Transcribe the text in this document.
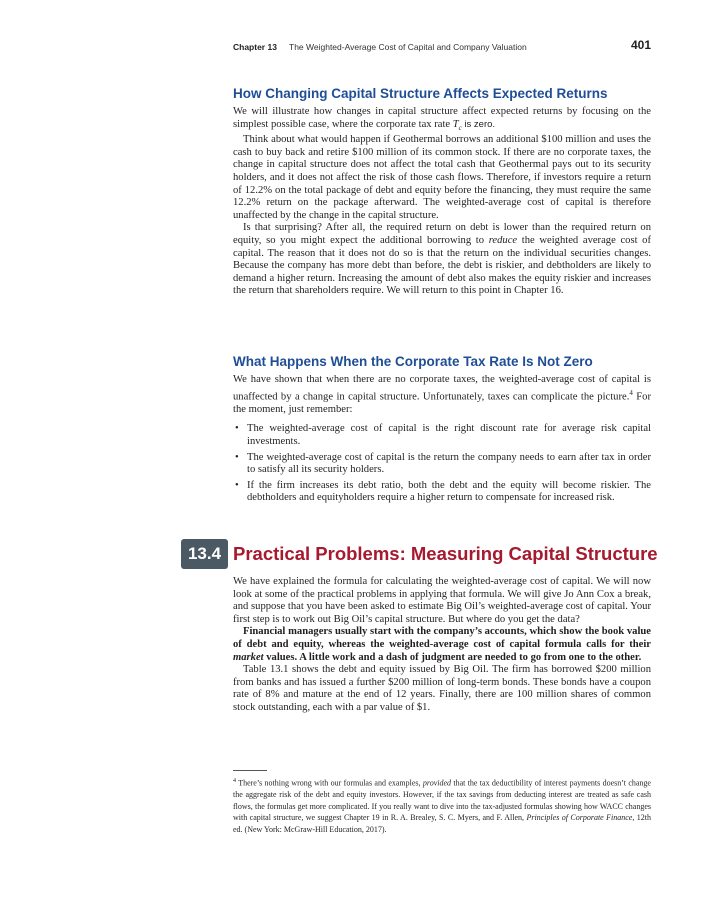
Chapter 13 The Weighted-Average Cost of Capital and Company Valuation	401
How Changing Capital Structure Affects Expected Returns

We will illustrate how changes in capital structure affect expected returns by focusing on the simplest possible case, where the corporate tax rate $T_c$ is zero.

Think about what would happen if Geothermal borrows an additional $100 million and uses the cash to buy back and retire $100 million of its common stock. If there are no corporate taxes, the change in capital structure does not affect the total cash that Geothermal pays out to its security holders, and it does not affect the risk of those cash flows. Therefore, if investors require a return of 12.2% on the total package of debt and equity before the financing, they must require the same 12.2% return on the package afterward. The weighted-average cost of capital is therefore unaffected by the change in the capital structure.

Is that surprising? After all, the required return on debt is lower than the required return on equity, so you might expect the additional borrowing to reduce the weighted average cost of capital. The reason that it does not do so is that the return on the individual securities changes. Because the company has more debt than before, the debt is riskier, and debtholders are likely to demand a higher return. Increasing the amount of debt also makes the equity riskier and increases the return that shareholders require. We will return to this point in Chapter 16.

What Happens When the Corporate Tax Rate Is Not Zero

We have shown that when there are no corporate taxes, the weighted-average cost of capital is unaffected by a change in capital structure. Unfortunately, taxes can complicate the picture.$^4$ For the moment, just remember:

• The weighted-average cost of capital is the right discount rate for average risk capital investments.
• The weighted-average cost of capital is the return the company needs to earn after tax in order to satisfy all its security holders.
• If the firm increases its debt ratio, both the debt and the equity will become riskier. The debtholders and equityholders require a higher return to compensate for increased risk.
13.4 Practical Problems: Measuring Capital Structure

We have explained the formula for calculating the weighted-average cost of capital. We will now look at some of the practical problems in applying that formula. We will give Jo Ann Cox a break, and suppose that you have been asked to estimate Big Oil’s weighted-average cost of capital. Your first step is to work out Big Oil’s capital structure. But where do you get the data?

Financial managers usually start with the company’s accounts, which show the book value of debt and equity, whereas the weighted-average cost of capital formula calls for their market values. A little work and a dash of judgment are needed to go from one to the other.

Table 13.1 shows the debt and equity issued by Big Oil. The firm has borrowed $200 million from banks and has issued a further $200 million of long-term bonds. These bonds have a coupon rate of 8% and mature at the end of 12 years. Finally, there are 100 million shares of common stock outstanding, each with a par value of $1.

$^4$ There’s nothing wrong with our formulas and examples, provided that the tax deductibility of interest payments doesn’t change the aggregate risk of the debt and equity investors. However, if the tax savings from deducting interest are treated as safe cash flows, the formulas get more complicated. If you really want to dive into the tax-adjusted formulas showing how WACC changes with capital structure, we suggest Chapter 19 in R. A. Brealey, S. C. Myers, and F. Allen, Principles of Corporate Finance, 12th ed. (New York: McGraw-Hill Education, 2017).
